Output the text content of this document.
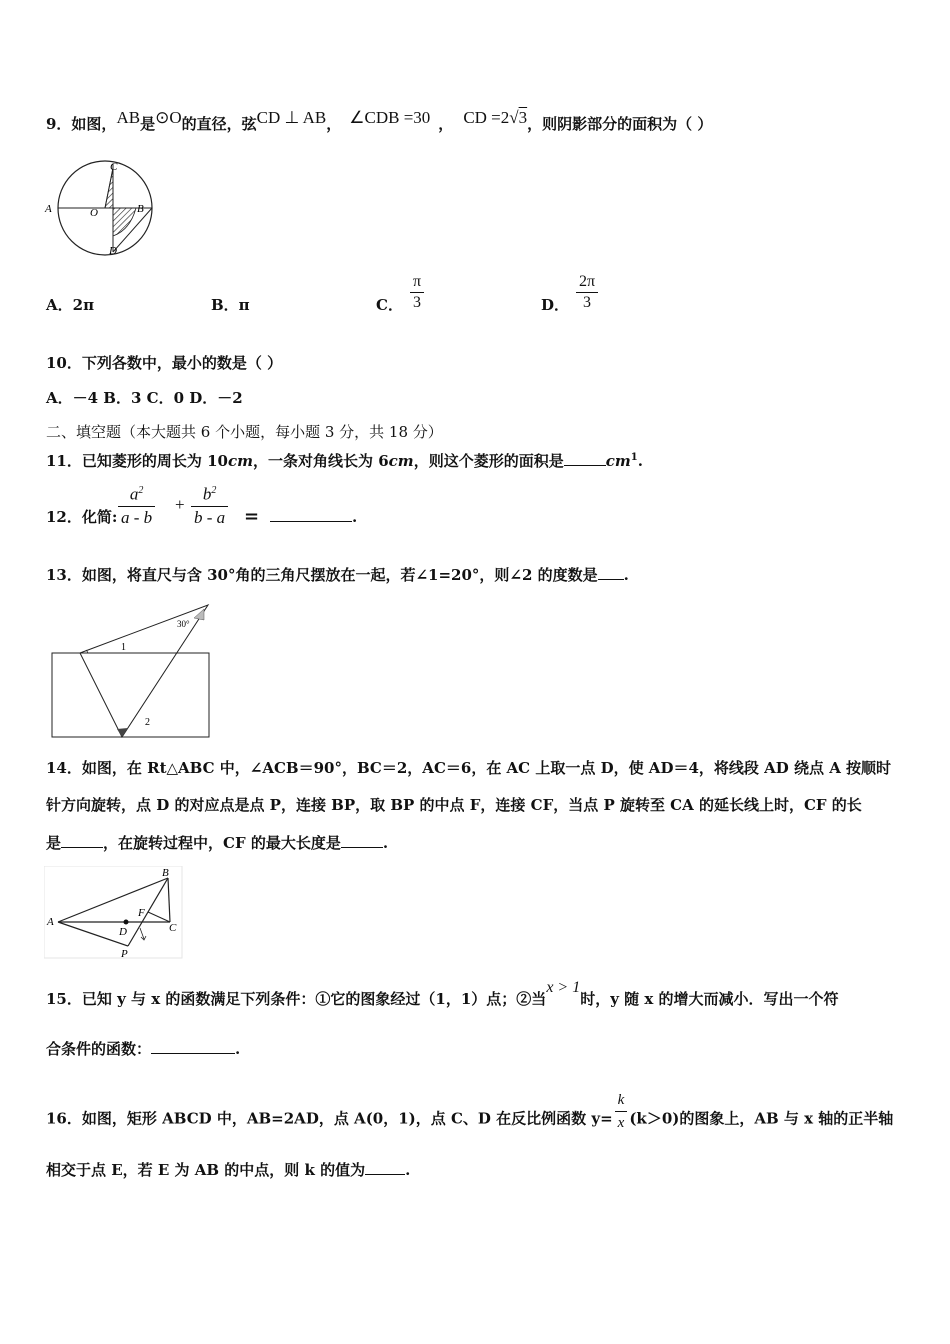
9．如图，AB是⊙O的直径，弦CD ⊥ AB， ∠CDB =30 ， CD =2√3，则阴影部分的面积为（ ）
C
A	O	B
D
A．2π	B．π	C． $\frac{\pi}{3}$	D． $\frac{2\pi}{3}$
10．下列各数中，最小的数是（ ）
A．－4 B．3 C．0 D．－2
二、填空题（本大题共 6 个小题，每小题 3 分，共 18 分）
11．已知菱形的周长为 10cm，一条对角线长为 6cm，则这个菱形的面积是	$cm^1$.
12．化简: $\frac{a^2}{a - b} + \frac{b^2}{b - a}$ =	.
13．如图，将直尺与含 30°角的三角尺摆放在一起，若∠1=20°，则∠2 的度数是 .
30°
1
2
14．如图，在 Rt△ABC 中，∠ACB＝90°，BC＝2，AC＝6，在 AC 上取一点 D，使 AD＝4，将线段 AD 绕点 A 按顺时
针方向旋转，点 D 的对应点是点 P，连接 BP，取 BP 的中点 F，连接 CF，当点 P 旋转至 CA 的延长线上时，CF 的长
是	，在旋转过程中，CF 的最大长度是	.
B
A
F
C
D
P
15．已知 y 与 x 的函数满足下列条件：①它的图象经过（1，1）点；②当x > 1时，y 随 x 的增大而减小．写出一个符
合条件的函数：	.
16．如图，矩形 ABCD 中，AB=2AD，点 A(0，1)，点 C、D 在反比例函数 $y= \frac{k}{x} (k>0)$的图象上，AB 与 x 轴的正半轴
相交于点 E，若 E 为 AB 的中点，则 k 的值为	.
